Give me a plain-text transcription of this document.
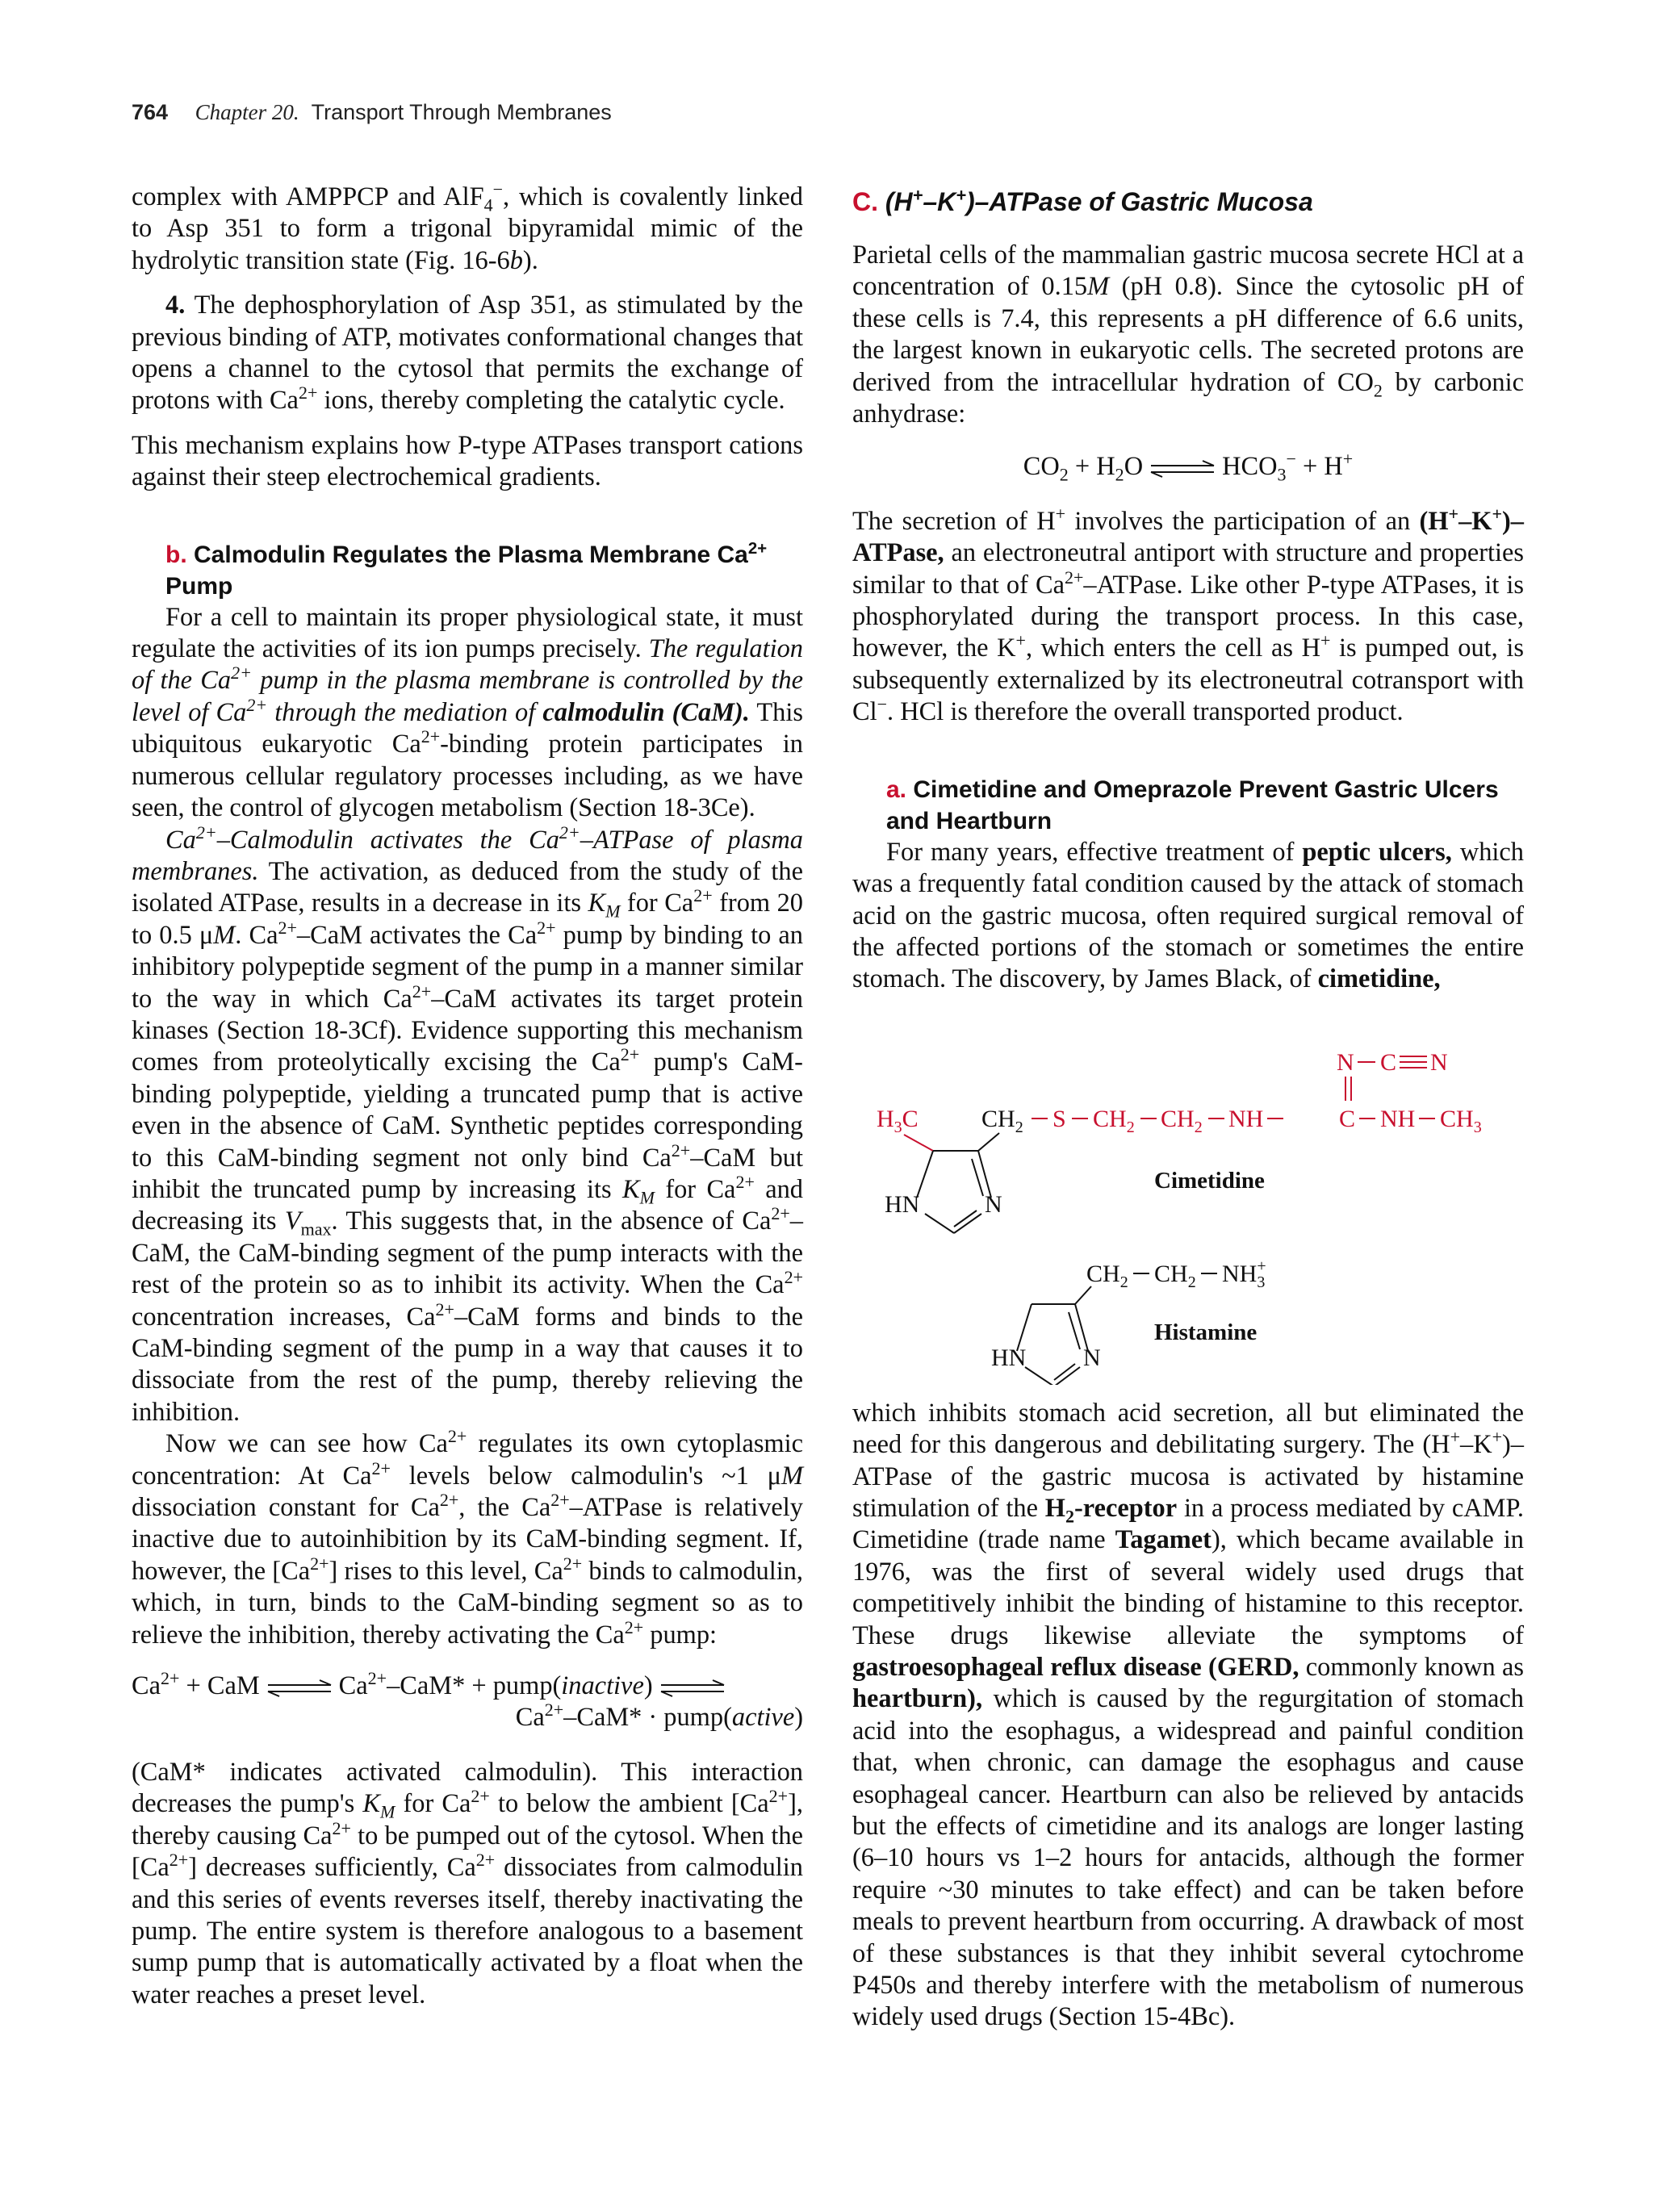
764 Chapter 20. Transport Through Membranes

complex with AMPPCP and AlF$_4$−, which is covalently linked to Asp 351 to form a trigonal bipyramidal mimic of the hydrolytic transition state (Fig. 16-6b).

4. The dephosphorylation of Asp 351, as stimulated by the previous binding of ATP, motivates conformational changes that opens a channel to the cytosol that permits the exchange of protons with $Ca^{2+}$ ions, thereby completing the catalytic cycle.

This mechanism explains how P-type ATPases transport cations against their steep electrochemical gradients.

b. Calmodulin Regulates the Plasma Membrane $Ca^{2+}$ Pump

For a cell to maintain its proper physiological state, it must regulate the activities of its ion pumps precisely. The regulation of the $Ca^{2+}$ pump in the plasma membrane is controlled by the level of $Ca^{2+}$ through the mediation of calmodulin (CaM). This ubiquitous eukaryotic $Ca^{2+}$-binding protein participates in numerous cellular regulatory processes including, as we have seen, the control of glycogen metabolism (Section 18-3Ce).

$Ca^{2+}$–Calmodulin activates the $Ca^{2+}$–ATPase of plasma membranes. The activation, as deduced from the study of the isolated ATPase, results in a decrease in its $K_M$ for $Ca^{2+}$ from 20 to 0.5 μM. $Ca^{2+}$–CaM activates the $Ca^{2+}$ pump by binding to an inhibitory polypeptide segment of the pump in a manner similar to the way in which $Ca^{2+}$–CaM activates its target protein kinases (Section 18-3Cf). Evidence supporting this mechanism comes from proteolytically excising the $Ca^{2+}$ pump's CaM-binding polypeptide, yielding a truncated pump that is active even in the absence of CaM. Synthetic peptides corresponding to this CaM-binding segment not only bind $Ca^{2+}$–CaM but inhibit the truncated pump by increasing its $K_M$ for $Ca^{2+}$ and decreasing its $V_{max}$. This suggests that, in the absence of $Ca^{2+}$–CaM, the CaM-binding segment of the pump interacts with the rest of the protein so as to inhibit its activity. When the $Ca^{2+}$ concentration increases, $Ca^{2+}$–CaM forms and binds to the CaM-binding segment of the pump in a way that causes it to dissociate from the rest of the pump, thereby relieving the inhibition.

Now we can see how $Ca^{2+}$ regulates its own cytoplasmic concentration: At $Ca^{2+}$ levels below calmodulin's ~1 μM dissociation constant for $Ca^{2+}$, the $Ca^{2+}$–ATPase is relatively inactive due to autoinhibition by its CaM-binding segment. If, however, the $[Ca^{2+}]$ rises to this level, $Ca^{2+}$ binds to calmodulin, which, in turn, binds to the CaM-binding segment so as to relieve the inhibition, thereby activating the $Ca^{2+}$ pump:

$Ca^{2+}$ + CaM ⇌ $Ca^{2+}-CaM*$ + pump(inactive) ⇌
$Ca^{2+}-CaM*$ · pump(active)

(CaM* indicates activated calmodulin). This interaction decreases the pump's $K_M$ for $Ca^{2+}$ to below the ambient $[Ca^{2+}]$, thereby causing $Ca^{2+}$ to be pumped out of the cytosol. When the $[Ca^{2+}]$ decreases sufficiently, $Ca^{2+}$ dissociates from calmodulin and this series of events reverses itself, thereby inactivating the pump. The entire system is therefore analogous to a basement sump pump that is automatically activated by a float when the water reaches a preset level.

C. (H+–K+)–ATPase of Gastric Mucosa

Parietal cells of the mammalian gastric mucosa secrete HCl at a concentration of 0.15M (pH 0.8). Since the cytosolic pH of these cells is 7.4, this represents a pH difference of 6.6 units, the largest known in eukaryotic cells. The secreted protons are derived from the intracellular hydration of $CO_2$ by carbonic anhydrase:

$CO_2 + H_2O$ ⇌ $HCO_3^- + H^+$

The secretion of H+ involves the participation of an (H+–K+)–ATPase, an electroneutral antiport with structure and properties similar to that of $Ca^{2+}$–ATPase. Like other P-type ATPases, it is phosphorylated during the transport process. In this case, however, the K+, which enters the cell as H+ is pumped out, is subsequently externalized by its electroneutral cotransport with Cl−. HCl is therefore the overall transported product.

a. Cimetidine and Omeprazole Prevent Gastric Ulcers and Heartburn

For many years, effective treatment of peptic ulcers, which was a frequently fatal condition caused by the attack of stomach acid on the gastric mucosa, often required surgical removal of the affected portions of the stomach or sometimes the entire stomach. The discovery, by James Black, of cimetidine,

N C N
$H_3C$	$CH_2$ S $CH_2$ $CH_2$ NH	C NH $CH_3$
HN	N
Cimetidine
$CH_2$ $CH_2$ $NH_3+$
HN N
Histamine

which inhibits stomach acid secretion, all but eliminated the need for this dangerous and debilitating surgery. The (H+–K+)–ATPase of the gastric mucosa is activated by histamine stimulation of the $H_2$-receptor in a process mediated by cAMP. Cimetidine (trade name Tagamet), which became available in 1976, was the first of several widely used drugs that competitively inhibit the binding of histamine to this receptor. These drugs likewise alleviate the symptoms of gastroesophageal reflux disease (GERD, commonly known as heartburn), which is caused by the regurgitation of stomach acid into the esophagus, a widespread and painful condition that, when chronic, can damage the esophagus and cause esophageal cancer. Heartburn can also be relieved by antacids but the effects of cimetidine and its analogs are longer lasting (6–10 hours vs 1–2 hours for antacids, although the former require ~30 minutes to take effect) and can be taken before meals to prevent heartburn from occurring. A drawback of most of these substances is that they inhibit several cytochrome P450s and thereby interfere with the metabolism of numerous widely used drugs (Section 15-4Bc).
